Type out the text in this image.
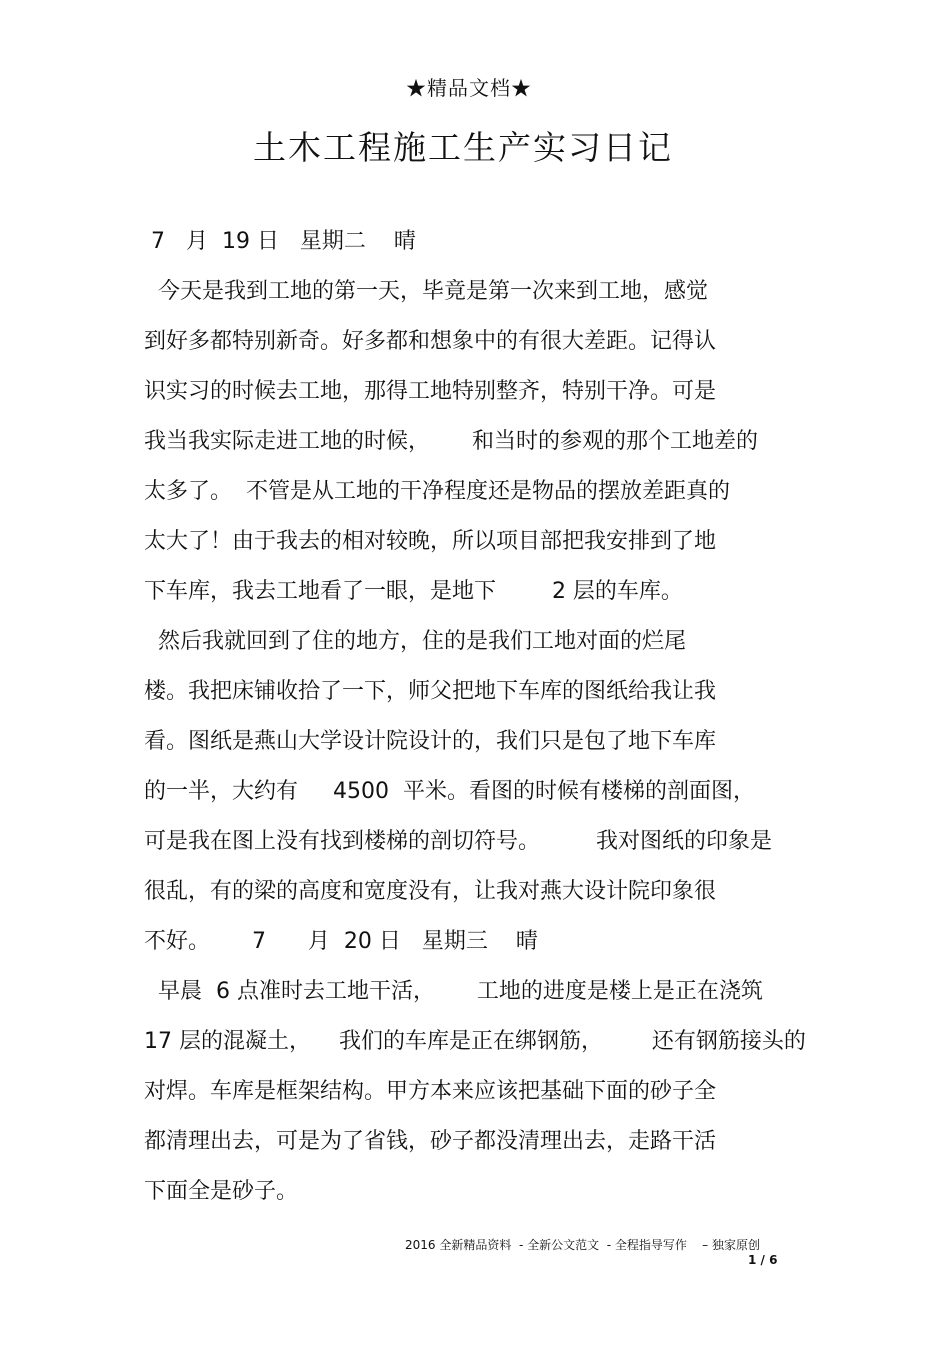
★精品文档★
土木工程施工生产实习日记
7   月  19 日   星期二    晴
今天是我到工地的第一天，毕竟是第一次来到工地，感觉
到好多都特别新奇。好多都和想象中的有很大差距。记得认
识实习的时候去工地，那得工地特别整齐，特别干净。可是
我当我实际走进工地的时候，      和当时的参观的那个工地差的
太多了。  不管是从工地的干净程度还是物品的摆放差距真的
太大了！由于我去的相对较晚，所以项目部把我安排到了地
下车库，我去工地看了一眼，是地下        2 层的车库。
然后我就回到了住的地方，住的是我们工地对面的烂尾
楼。我把床铺收拾了一下，师父把地下车库的图纸给我让我
看。图纸是燕山大学设计院设计的，我们只是包了地下车库
的一半，大约有     4500  平米。看图的时候有楼梯的剖面图，
可是我在图上没有找到楼梯的剖切符号。        我对图纸的印象是
很乱，有的梁的高度和宽度没有，让我对燕大设计院印象很
不好。      7      月  20 日   星期三    晴
早晨  6 点准时去工地干活，      工地的进度是楼上是正在浇筑
17 层的混凝土，    我们的车库是正在绑钢筋，       还有钢筋接头的
对焊。车库是框架结构。甲方本来应该把基础下面的砂子全
都清理出去，可是为了省钱，砂子都没清理出去，走路干活
下面全是砂子。
2016 全新精品资料  - 全新公文范文  - 全程指导写作    – 独家原创
1 / 6
